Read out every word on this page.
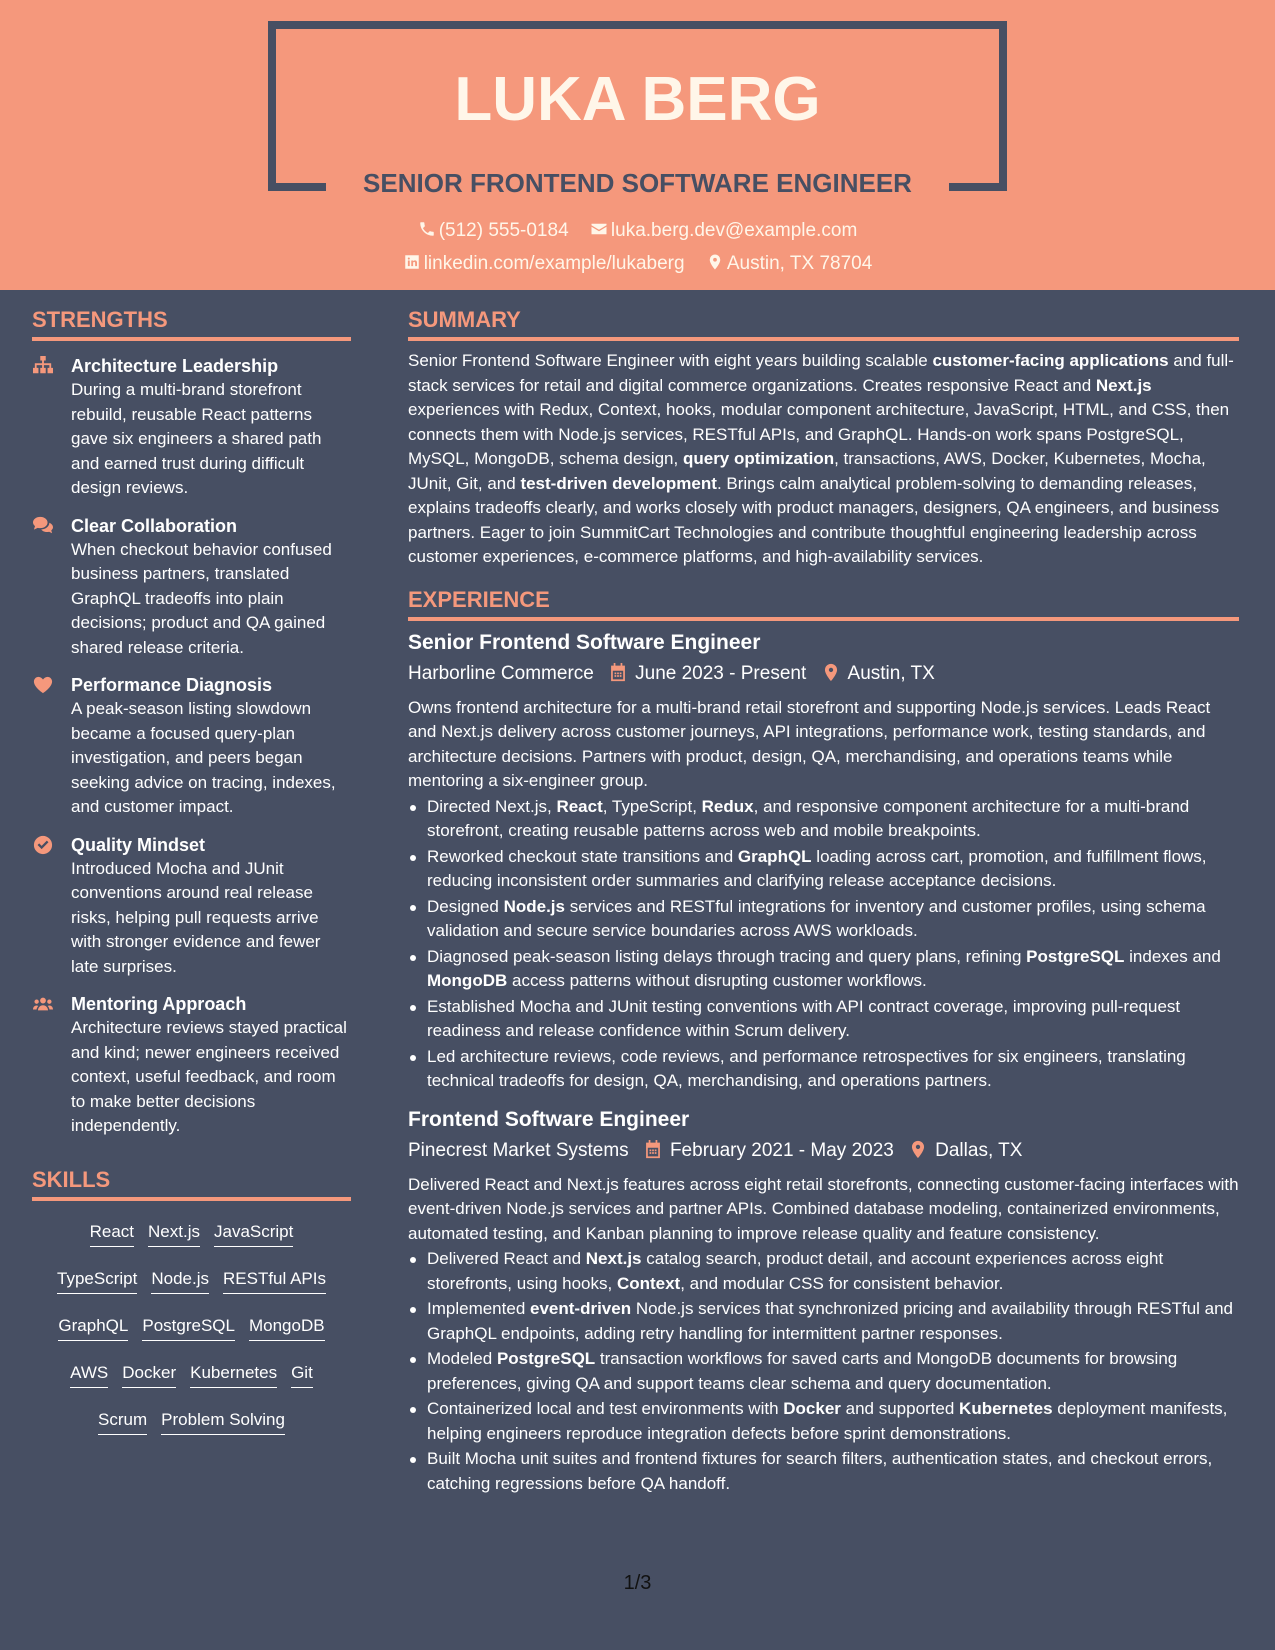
LUKA BERG
SENIOR FRONTEND SOFTWARE ENGINEER
(512) 555-0184 luka.berg.dev@example.com
linkedin.com/example/lukaberg Austin, TX 78704
STRENGTHS
Architecture Leadership
During a multi-brand storefront rebuild, reusable React patterns gave six engineers a shared path and earned trust during difficult design reviews.
Clear Collaboration
When checkout behavior confused business partners, translated GraphQL tradeoffs into plain decisions; product and QA gained shared release criteria.
Performance Diagnosis
A peak-season listing slowdown became a focused query-plan investigation, and peers began seeking advice on tracing, indexes, and customer impact.
Quality Mindset
Introduced Mocha and JUnit conventions around real release risks, helping pull requests arrive with stronger evidence and fewer late surprises.
Mentoring Approach
Architecture reviews stayed practical and kind; newer engineers received context, useful feedback, and room to make better decisions independently.
SKILLS
React Next.js JavaScript
TypeScript Node.js RESTful APIs
GraphQL PostgreSQL MongoDB
AWS Docker Kubernetes Git
Scrum Problem Solving
SUMMARY
Senior Frontend Software Engineer with eight years building scalable customer-facing applications and full-stack services for retail and digital commerce organizations. Creates responsive React and Next.js experiences with Redux, Context, hooks, modular component architecture, JavaScript, HTML, and CSS, then connects them with Node.js services, RESTful APIs, and GraphQL. Hands-on work spans PostgreSQL, MySQL, MongoDB, schema design, query optimization, transactions, AWS, Docker, Kubernetes, Mocha, JUnit, Git, and test-driven development. Brings calm analytical problem-solving to demanding releases, explains tradeoffs clearly, and works closely with product managers, designers, QA engineers, and business partners. Eager to join SummitCart Technologies and contribute thoughtful engineering leadership across customer experiences, e-commerce platforms, and high-availability services.
EXPERIENCE
Senior Frontend Software Engineer
Harborline Commerce June 2023 - Present Austin, TX
Owns frontend architecture for a multi-brand retail storefront and supporting Node.js services. Leads React and Next.js delivery across customer journeys, API integrations, performance work, testing standards, and architecture decisions. Partners with product, design, QA, merchandising, and operations teams while mentoring a six-engineer group.
Directed Next.js, React, TypeScript, Redux, and responsive component architecture for a multi-brand storefront, creating reusable patterns across web and mobile breakpoints.
Reworked checkout state transitions and GraphQL loading across cart, promotion, and fulfillment flows, reducing inconsistent order summaries and clarifying release acceptance decisions.
Designed Node.js services and RESTful integrations for inventory and customer profiles, using schema validation and secure service boundaries across AWS workloads.
Diagnosed peak-season listing delays through tracing and query plans, refining PostgreSQL indexes and MongoDB access patterns without disrupting customer workflows.
Established Mocha and JUnit testing conventions with API contract coverage, improving pull-request readiness and release confidence within Scrum delivery.
Led architecture reviews, code reviews, and performance retrospectives for six engineers, translating technical tradeoffs for design, QA, merchandising, and operations partners.
Frontend Software Engineer
Pinecrest Market Systems February 2021 - May 2023 Dallas, TX
Delivered React and Next.js features across eight retail storefronts, connecting customer-facing interfaces with event-driven Node.js services and partner APIs. Combined database modeling, containerized environments, automated testing, and Kanban planning to improve release quality and feature consistency.
Delivered React and Next.js catalog search, product detail, and account experiences across eight storefronts, using hooks, Context, and modular CSS for consistent behavior.
Implemented event-driven Node.js services that synchronized pricing and availability through RESTful and GraphQL endpoints, adding retry handling for intermittent partner responses.
Modeled PostgreSQL transaction workflows for saved carts and MongoDB documents for browsing preferences, giving QA and support teams clear schema and query documentation.
Containerized local and test environments with Docker and supported Kubernetes deployment manifests, helping engineers reproduce integration defects before sprint demonstrations.
Built Mocha unit suites and frontend fixtures for search filters, authentication states, and checkout errors, catching regressions before QA handoff.
1/3
